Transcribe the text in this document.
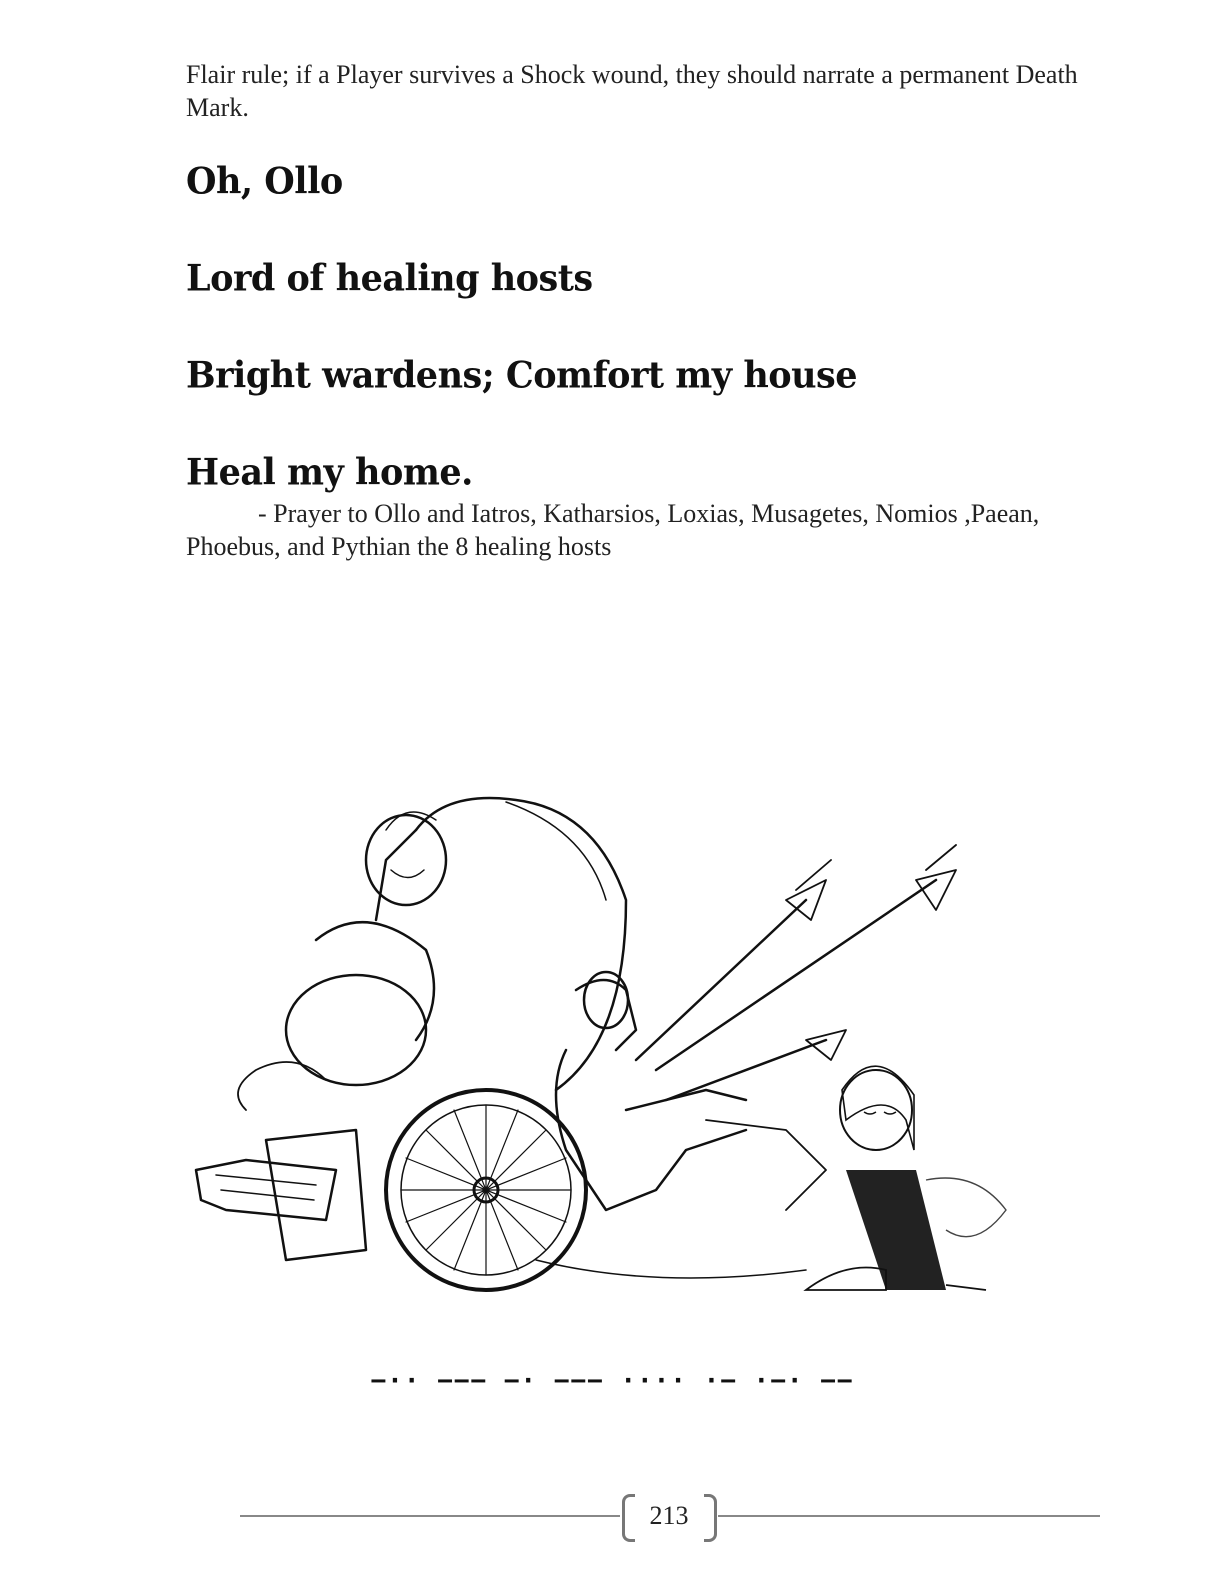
Flair rule; if a Player survives a Shock wound, they should narrate a permanent Death Mark.
Oh, Ollo
Lord of healing hosts
Bright wardens; Comfort my house
Heal my home.
- Prayer to Ollo and Iatros, Katharsios, Loxias, Musagetes, Nomios ,Paean, Phoebus, and Pythian the 8 healing hosts
−·· −−− −· −−− ···· ·− ·−· −−
213
